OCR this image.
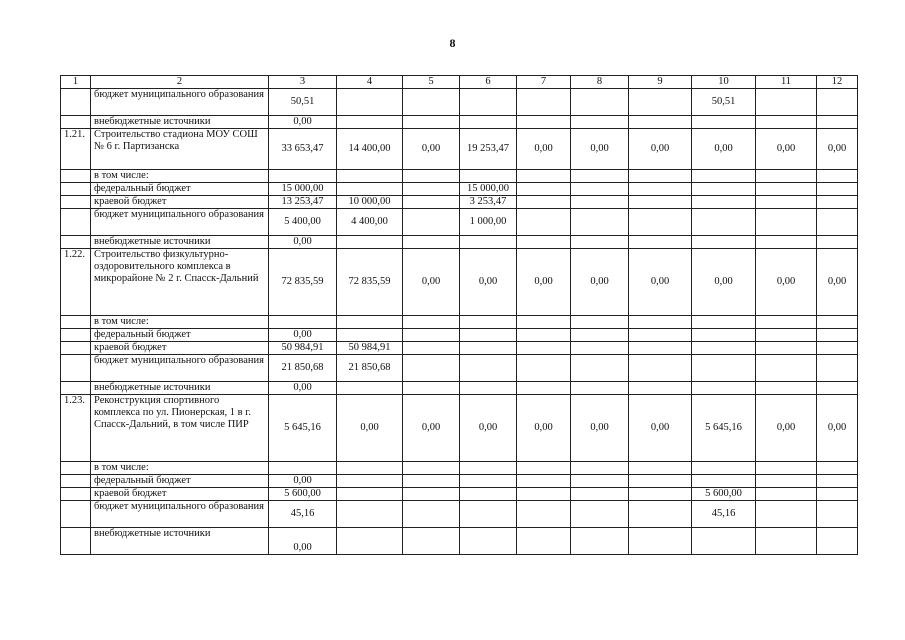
8
1	2	3	4	5	6	7	8	9	10	11	12
	бюджет муниципального образования	50,51							50,51		
	внебюджетные источники	0,00									
1.21.	Строительство стадиона МОУ СОШ № 6 г. Партизанска	33 653,47	14 400,00	0,00	19 253,47	0,00	0,00	0,00	0,00	0,00	0,00
	в том числе:										
	федеральный бюджет	15 000,00			15 000,00						
	краевой бюджет	13 253,47	10 000,00		3 253,47						
	бюджет муниципального образования	5 400,00	4 400,00		1 000,00						
	внебюджетные источники	0,00									
1.22.	Строительство физкультурно-оздоровительного комплекса в микрорайоне № 2 г. Спасск-Дальний	72 835,59	72 835,59	0,00	0,00	0,00	0,00	0,00	0,00	0,00	0,00
	в том числе:										
	федеральный бюджет	0,00									
	краевой бюджет	50 984,91	50 984,91								
	бюджет муниципального образования	21 850,68	21 850,68								
	внебюджетные источники	0,00									
1.23.	Реконструкция спортивного комплекса по ул. Пионерская, 1 в г. Спасск-Дальний, в том числе ПИР	5 645,16	0,00	0,00	0,00	0,00	0,00	0,00	5 645,16	0,00	0,00
	в том числе:										
	федеральный бюджет	0,00									
	краевой бюджет	5 600,00							5 600,00		
	бюджет муниципального образования	45,16							45,16		
	внебюджетные источники	0,00									
